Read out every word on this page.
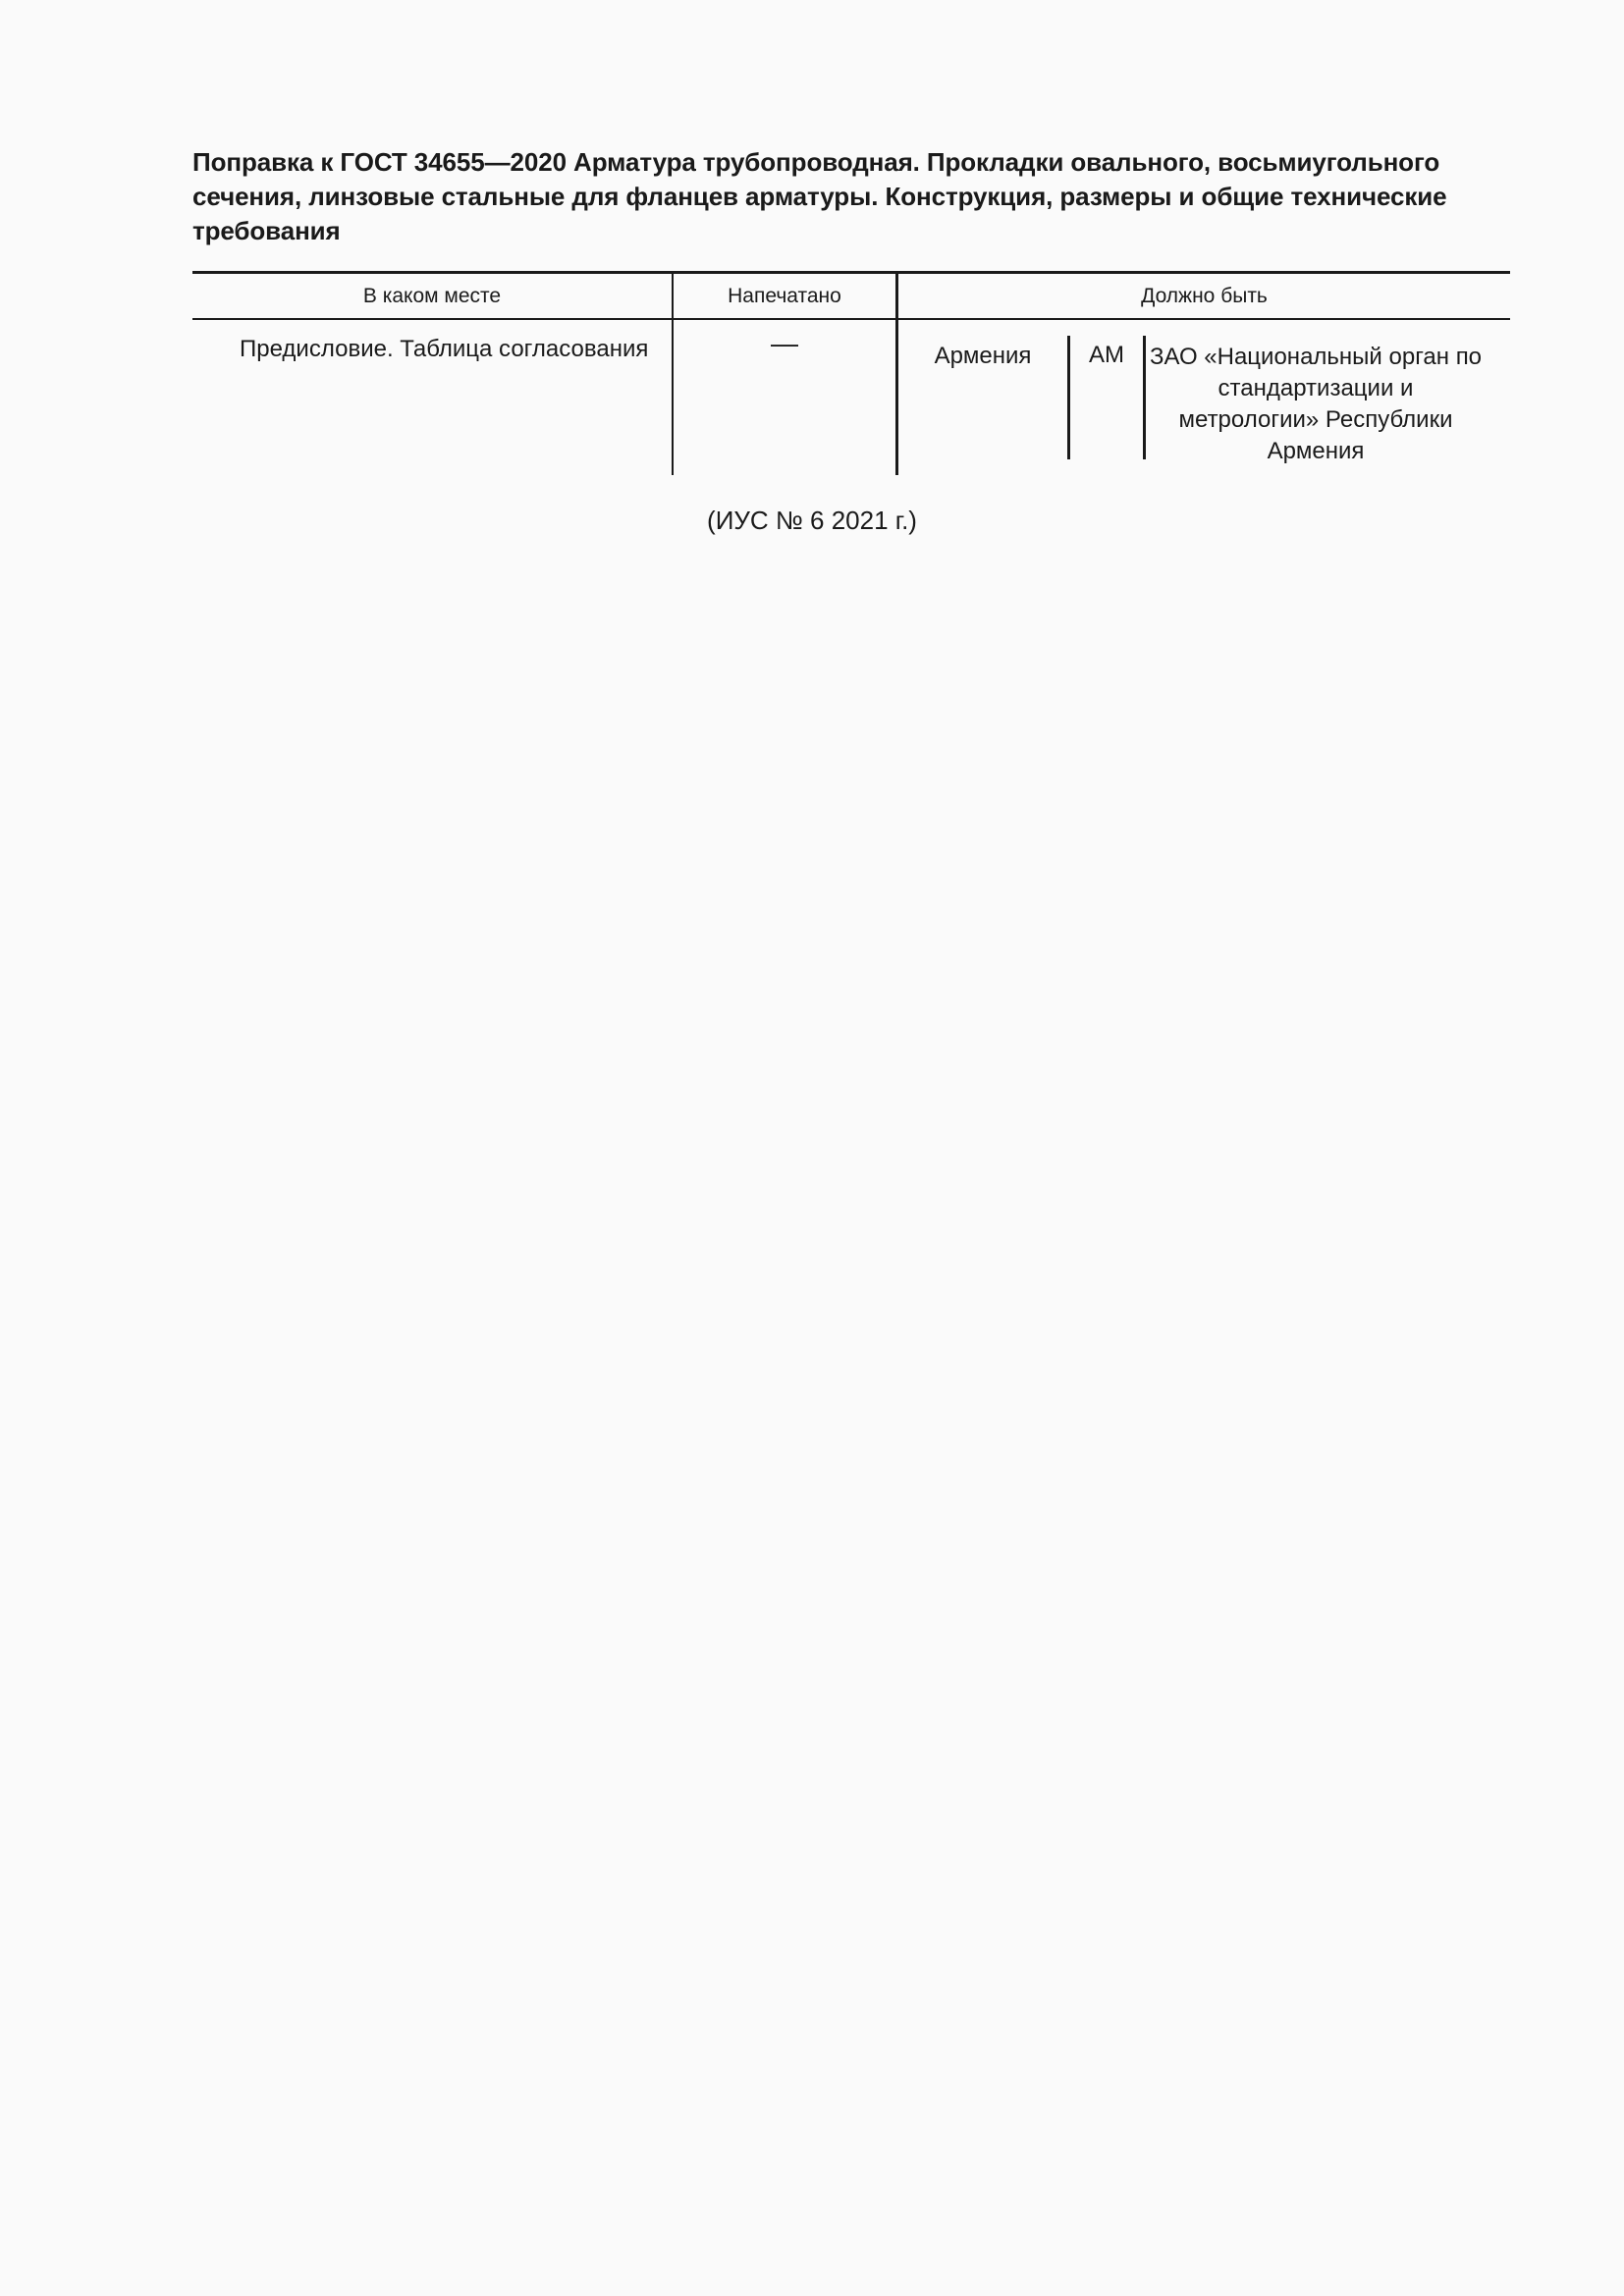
Поправка к ГОСТ 34655—2020 Арматура трубопроводная. Прокладки овального, восьмиугольного сечения, линзовые стальные для фланцев арматуры. Конструкция, размеры и общие технические требования
В каком месте	Напечатано	Должно быть
Предисловие. Таблица согласования	—	Армения	AM	ЗАО «Национальный орган по стандартизации и метрологии» Республики Армения
(ИУС № 6 2021 г.)
